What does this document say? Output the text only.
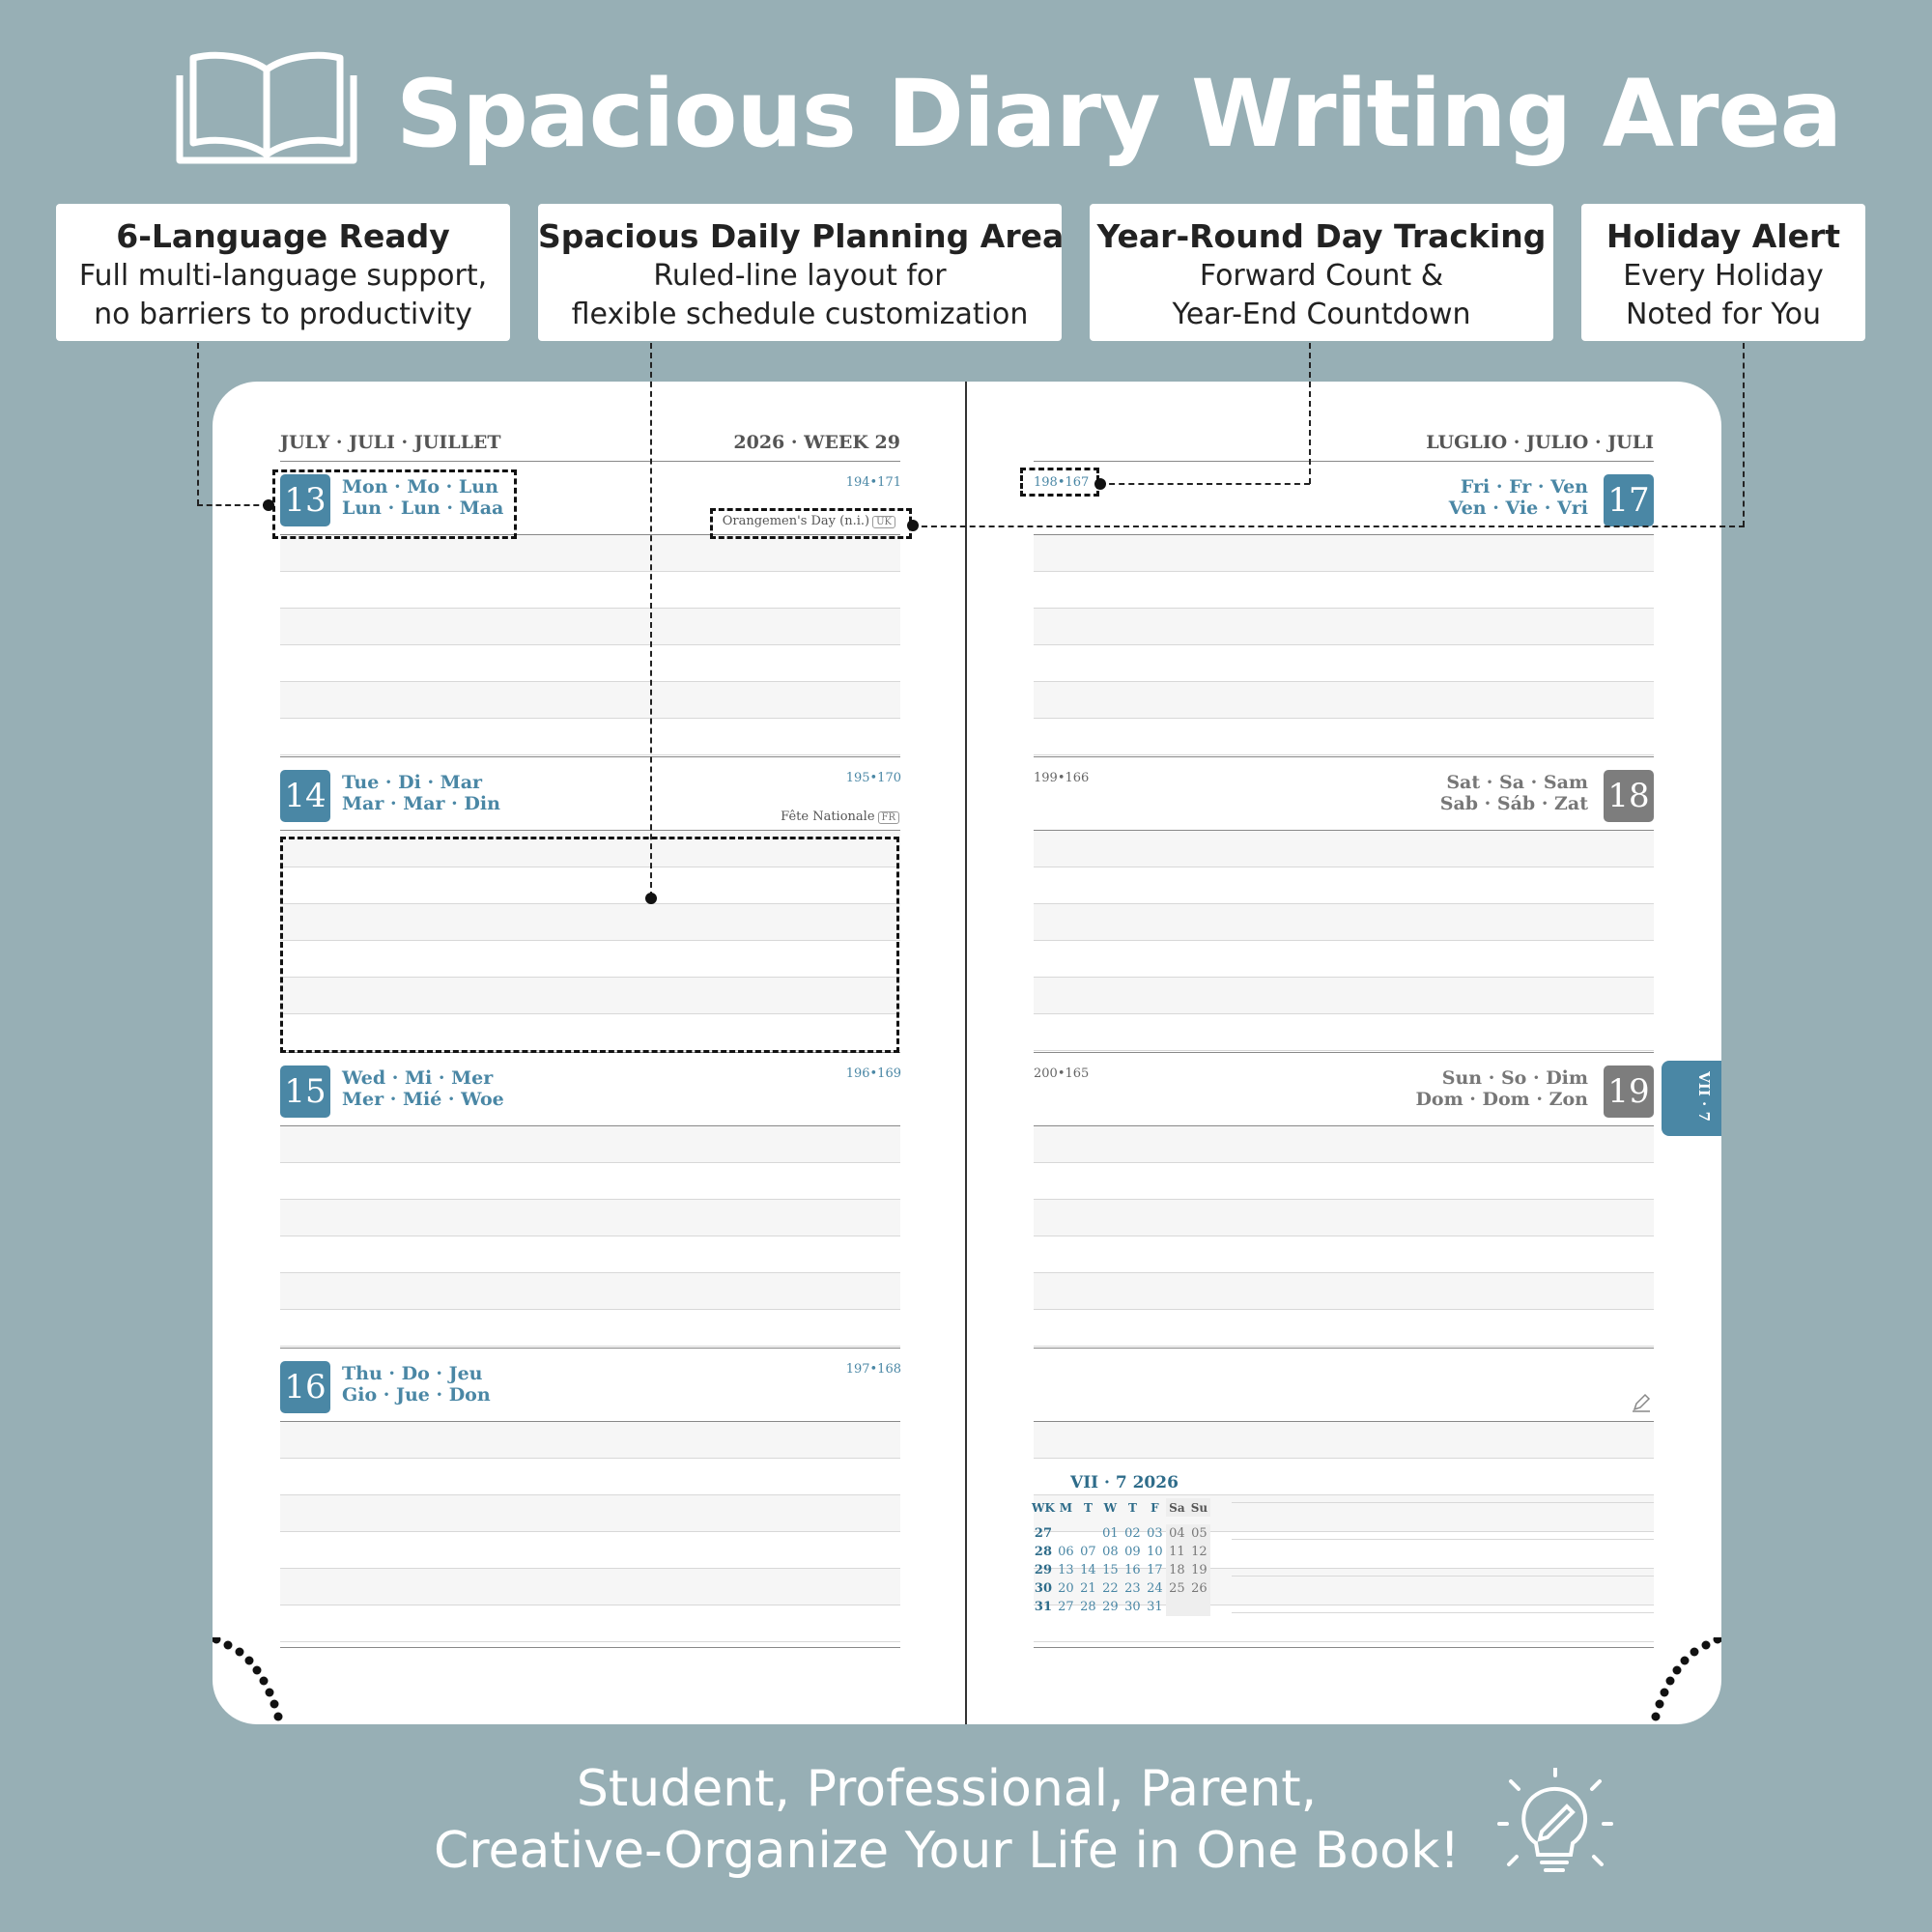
Spacious Diary Writing Area
6-Language Ready
Full multi-language support,
no barriers to productivity
Spacious Daily Planning Area
Ruled-line layout for
flexible schedule customization
Year-Round Day Tracking
Forward Count &
Year-End Countdown
Holiday Alert
Every Holiday
Noted for You
JULY · JULI · JUILLET	2026 · WEEK 29	LUGLIO · JULIO · JULI
13 Mon · Mo · Lun
Lun · Lun · Maa
194•171
Orangemen's Day (n.i.) UK
14 Tue · Di · Mar
Mar · Mar · Din
195•170
Fête Nationale FR
15 Wed · Mi · Mer
Mer · Mié · Woe
196•169
16 Thu · Do · Jeu
Gio · Jue · Don
197•168
17
Fri · Fr · Ven
Ven · Vie · Vri
198•167
18
Sat · Sa · Sam
Sab · Sáb · Zat
199•166
19
Sun · So · Dim
Dom · Dom · Zon
200•165
VII · 7 2026
WK	M	T	W	T	F	Sa	Su

27			01	02	03	04	05
28	06	07	08	09	10	11	12
29	13	14	15	16	17	18	19
30	20	21	22	23	24	25	26
31	27	28	29	30	31		
VII · 7
Student, Professional, Parent,
Creative-Organize Your Life in One Book!
